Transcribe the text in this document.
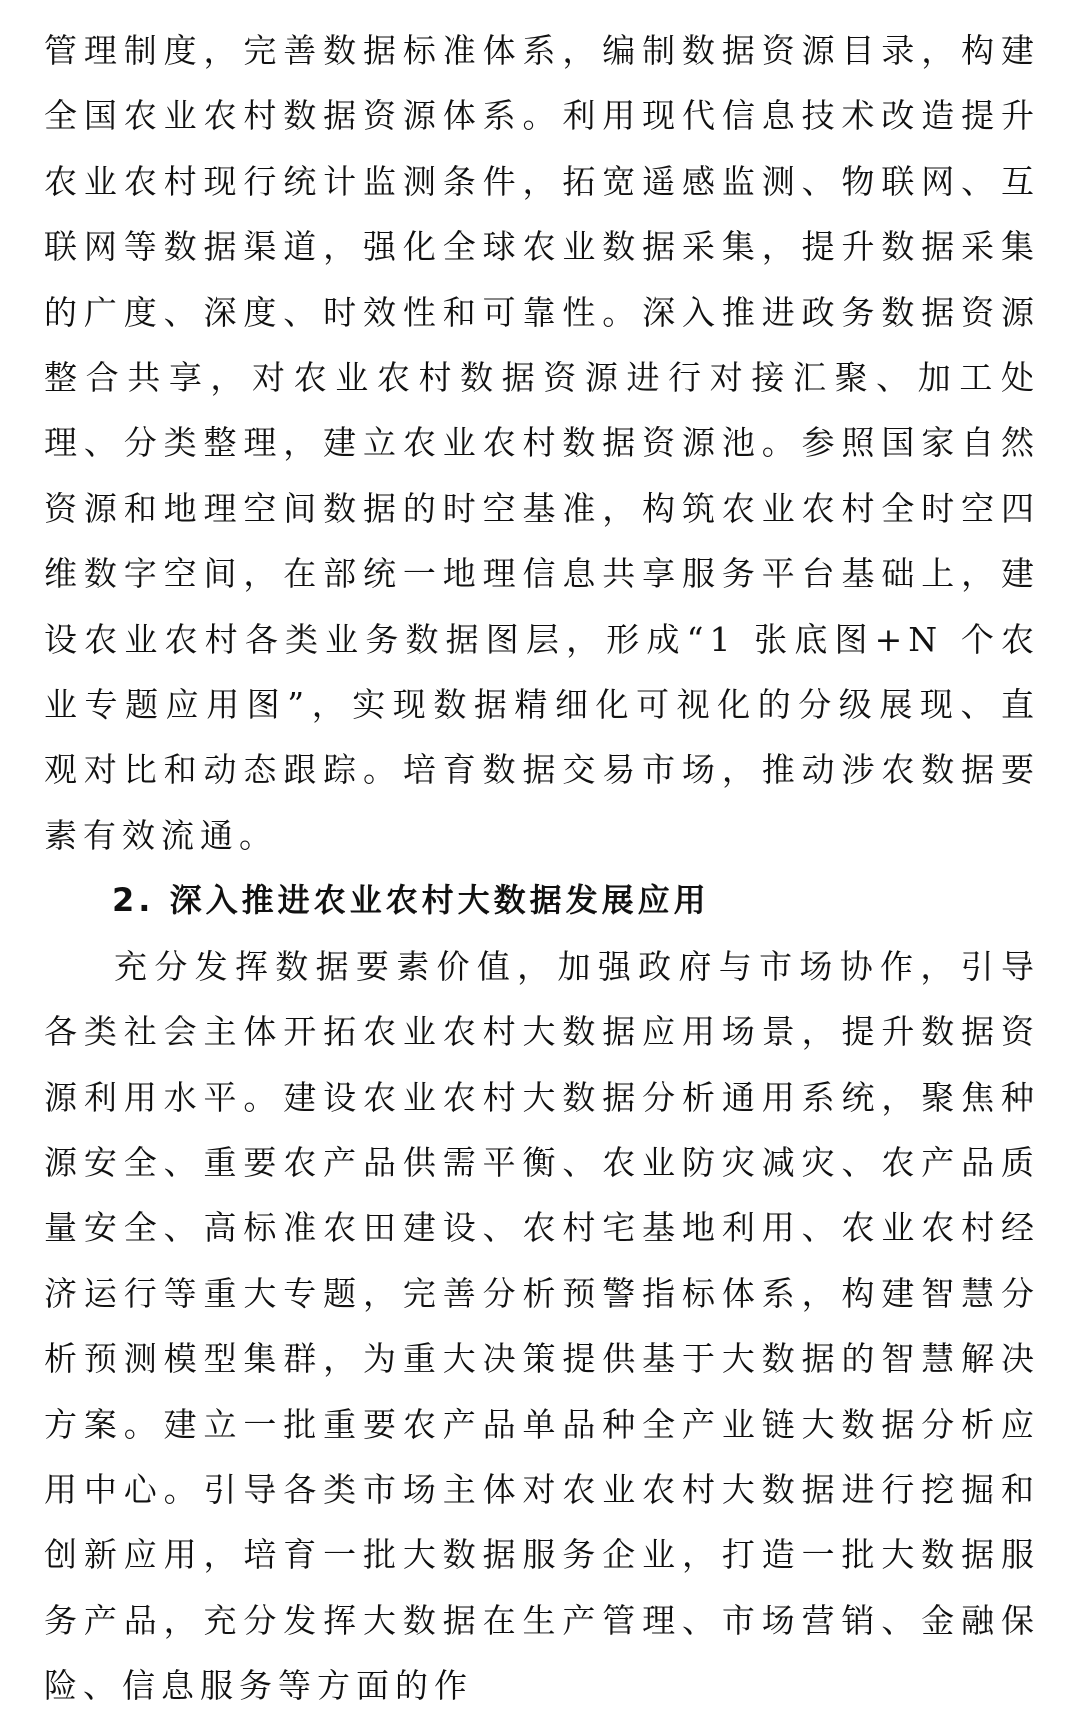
管理制度，完善数据标准体系，编制数据资源目录，构建全国农业农村数据资源体系。利用现代信息技术改造提升农业农村现行统计监测条件，拓宽遥感监测、物联网、互联网等数据渠道，强化全球农业数据采集，提升数据采集的广度、深度、时效性和可靠性。深入推进政务数据资源整合共享，对农业农村数据资源进行对接汇聚、加工处理、分类整理，建立农业农村数据资源池。参照国家自然资源和地理空间数据的时空基准，构筑农业农村全时空四维数字空间，在部统一地理信息共享服务平台基础上，建设农业农村各类业务数据图层，形成“1 张底图+N 个农业专题应用图”，实现数据精细化可视化的分级展现、直观对比和动态跟踪。培育数据交易市场，推动涉农数据要素有效流通。

2. 深入推进农业农村大数据发展应用

充分发挥数据要素价值，加强政府与市场协作，引导各类社会主体开拓农业农村大数据应用场景，提升数据资源利用水平。建设农业农村大数据分析通用系统，聚焦种源安全、重要农产品供需平衡、农业防灾减灾、农产品质量安全、高标准农田建设、农村宅基地利用、农业农村经济运行等重大专题，完善分析预警指标体系，构建智慧分析预测模型集群，为重大决策提供基于大数据的智慧解决方案。建立一批重要农产品单品种全产业链大数据分析应用中心。引导各类市场主体对农业农村大数据进行挖掘和创新应用，培育一批大数据服务企业，打造一批大数据服务产品，充分发挥大数据在生产管理、市场营销、金融保险、信息服务等方面的作
